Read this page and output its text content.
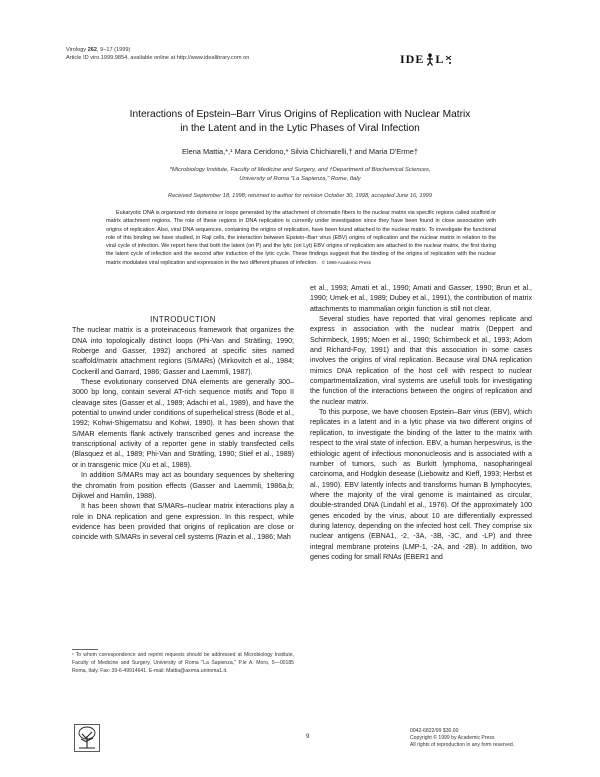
Virology 262, 9–17 (1999)
Article ID viro.1999.9854, available online at http://www.idealibrary.com on	IDE L
Interactions of Epstein–Barr Virus Origins of Replication with Nuclear Matrix
in the Latent and in the Lytic Phases of Viral Infection
Elena Mattia,*,¹ Mara Ceridono,* Silvia Chichiarelli,† and Maria D'Erme†
*Microbiology Institute, Faculty of Medicine and Surgery, and †Department of Biochemical Sciences,
University of Roma "La Sapienza," Rome, Italy
Received September 18, 1998; returned to author for revision October 30, 1998; accepted June 16, 1999
Eukaryotic DNA is organized into domains or loops generated by the attachment of chromatin fibers to the nuclear matrix via specific regions called scaffold or matrix attachment regions. The role of these regions in DNA replication is currently under investigation since they have been found in close association with origins of replication. Also, viral DNA sequences, containing the origins of replication, have been found attached to the nuclear matrix. To investigate the functional role of this binding we have studied, in Raji cells, the interaction between Epstein–Barr virus (EBV) origins of replication and the nuclear matrix in relation to the viral cycle of infection. We report here that both the latent (ori P) and the lytic (ori Lyt) EBV origins of replication are attached to the nuclear matrix, the first during the latent cycle of infection and the second after induction of the lytic cycle. These findings suggest that the binding of the origins of replication with the nuclear matrix modulates viral replication and expression in the two different phases of infection. © 1999 Academic Press

INTRODUCTION

The nuclear matrix is a proteinaceous framework that organizes the DNA into topologically distinct loops (Phi-Van and Strätling, 1990; Roberge and Gasser, 1992) anchored at specific sites named scaffold/matrix attachment regions (S/MARs) (Mirkovitch et al., 1984; Cockerill and Garrard, 1986; Gasser and Laemmli, 1987).

These evolutionary conserved DNA elements are generally 300–3000 bp long, contain several AT-rich sequence motifs and Topo II cleavage sites (Gasser et al., 1989; Adachi et al., 1989), and have the potential to unwind under conditions of superhelical stress (Bode et al., 1992; Kohwi-Shigematsu and Kohwi, 1990). It has been shown that S/MAR elements flank actively transcribed genes and increase the transcriptional activity of a reporter gene in stably transfected cells (Blasquez et al., 1989; Phi-Van and Strätling, 1990; Stief et al., 1989) or in transgenic mice (Xu et al., 1989).

In addition S/MARs may act as boundary sequences by sheltering the chromatin from position effects (Gasser and Laemmli, 1986a,b; Dijkwel and Hamlin, 1988).

It has been shown that S/MARs–nuclear matrix interactions play a role in DNA replication and gene expression. In this respect, while evidence has been provided that origins of replication are close or coincide with S/MARs in several cell systems (Razin et al., 1986; Mah

et al., 1993; Amati et al., 1990; Amati and Gasser, 1990; Brun et al., 1990; Umek et al., 1989; Dubey et al., 1991), the contribution of matrix attachments to mammalian origin function is still not clear.

Several studies have reported that viral genomes replicate and express in association with the nuclear matrix (Deppert and Schirmbeck, 1995; Moen et al., 1990; Schirmbeck et al., 1993; Adom and Richard-Foy, 1991) and that this association in some cases involves the origins of viral replication. Because viral DNA replication mimics DNA replication of the host cell with respect to nuclear compartmentalization, viral systems are usefull tools for investigating the function of the interactions between the origins of replication and the nuclear matrix.

To this purpose, we have choosen Epstein–Barr virus (EBV), which replicates in a latent and in a lytic phase via two different origins of replication, to investigate the binding of the latter to the matrix with respect to the viral state of infection. EBV, a human herpesvirus, is the ethiologic agent of infectious mononucleosis and is associated with a number of tumors, such as Burkitt lymphoma, nasopharingeal carcinoma, and Hodgkin desease (Liebowitz and Kieff, 1993; Herbst et al., 1990). EBV latently infects and transforms human B lymphocytes, where the majority of the viral genome is maintained as circular, double-stranded DNA (Lindahl et al., 1976). Of the approximately 100 genes encoded by the virus, about 10 are differentially expressed during latency, depending on the infected host cell. They comprise six nuclear antigens (EBNA1, -2, -3A, -3B, -3C, and -LP) and three integral membrane proteins (LMP-1, -2A, and -2B). In addition, two genes coding for small RNAs (EBER1 and

¹ To whom correspondence and reprint requests should be addressed at Microbiology Institute, Faculty of Medicine and Surgery, University of Roma "La Sapienza," P.le A. Moro, 5—00185 Roma, Italy. Fax: 39-6-49914641. E-mail: Mattia@axrma.uniroma1.it.
9
0042-6822/99 $30.00
Copyright © 1999 by Academic Press
All rights of reproduction in any form reserved.
